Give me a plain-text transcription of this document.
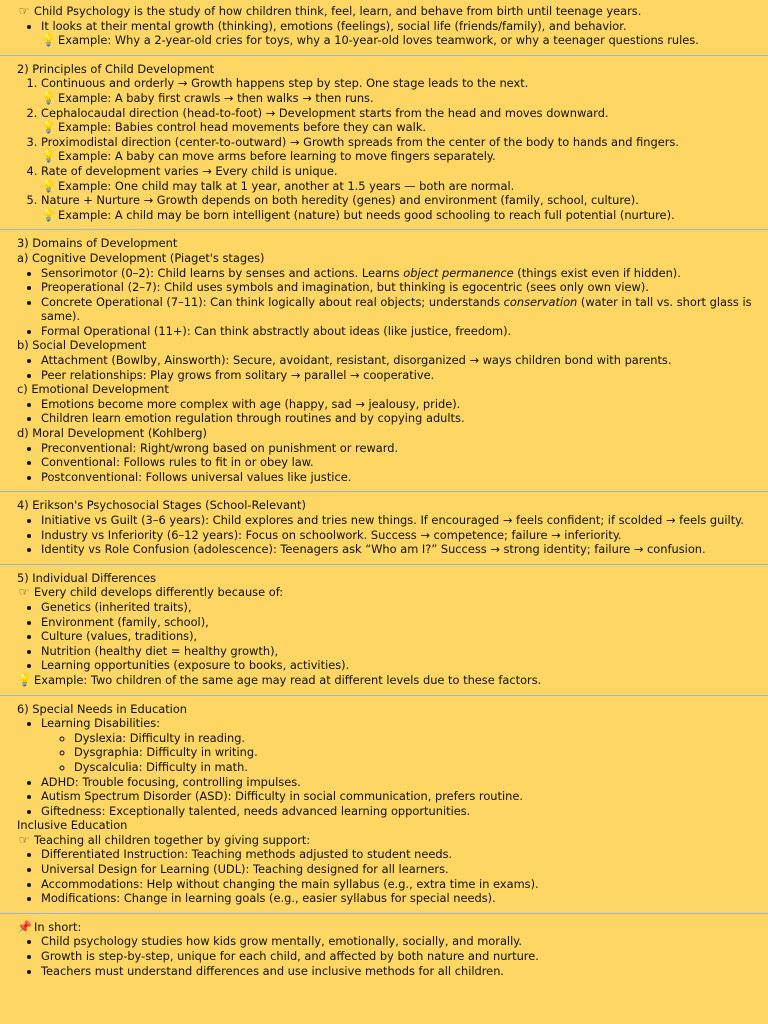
☞ Child Psychology is the study of how children think, feel, learn, and behave from birth until teenage years.
• It looks at their mental growth (thinking), emotions (feelings), social life (friends/family), and behavior.
💡 Example: Why a 2-year-old cries for toys, why a 10-year-old loves teamwork, or why a teenager questions rules.
2) Principles of Child Development
1. Continuous and orderly → Growth happens step by step. One stage leads to the next.
💡 Example: A baby first crawls → then walks → then runs.
2. Cephalocaudal direction (head-to-foot) → Development starts from the head and moves downward.
💡 Example: Babies control head movements before they can walk.
3. Proximodistal direction (center-to-outward) → Growth spreads from the center of the body to hands and fingers.
💡 Example: A baby can move arms before learning to move fingers separately.
4. Rate of development varies → Every child is unique.
💡 Example: One child may talk at 1 year, another at 1.5 years — both are normal.
5. Nature + Nurture → Growth depends on both heredity (genes) and environment (family, school, culture).
💡 Example: A child may be born intelligent (nature) but needs good schooling to reach full potential (nurture).
3) Domains of Development
a) Cognitive Development (Piaget's stages)
• Sensorimotor (0–2): Child learns by senses and actions. Learns object permanence (things exist even if hidden).
• Preoperational (2–7): Child uses symbols and imagination, but thinking is egocentric (sees only own view).
• Concrete Operational (7–11): Can think logically about real objects; understands conservation (water in tall vs. short glass is same).
• Formal Operational (11+): Can think abstractly about ideas (like justice, freedom).
b) Social Development
• Attachment (Bowlby, Ainsworth): Secure, avoidant, resistant, disorganized → ways children bond with parents.
• Peer relationships: Play grows from solitary → parallel → cooperative.
c) Emotional Development
• Emotions become more complex with age (happy, sad → jealousy, pride).
• Children learn emotion regulation through routines and by copying adults.
d) Moral Development (Kohlberg)
• Preconventional: Right/wrong based on punishment or reward.
• Conventional: Follows rules to fit in or obey law.
• Postconventional: Follows universal values like justice.
4) Erikson's Psychosocial Stages (School-Relevant)
• Initiative vs Guilt (3–6 years): Child explores and tries new things. If encouraged → feels confident; if scolded → feels guilty.
• Industry vs Inferiority (6–12 years): Focus on schoolwork. Success → competence; failure → inferiority.
• Identity vs Role Confusion (adolescence): Teenagers ask “Who am I?” Success → strong identity; failure → confusion.
5) Individual Differences
☞ Every child develops differently because of:
• Genetics (inherited traits),
• Environment (family, school),
• Culture (values, traditions),
• Nutrition (healthy diet = healthy growth),
• Learning opportunities (exposure to books, activities).
💡 Example: Two children of the same age may read at different levels due to these factors.
6) Special Needs in Education
• Learning Disabilities:
◦ Dyslexia: Difficulty in reading.
◦ Dysgraphia: Difficulty in writing.
◦ Dyscalculia: Difficulty in math.
• ADHD: Trouble focusing, controlling impulses.
• Autism Spectrum Disorder (ASD): Difficulty in social communication, prefers routine.
• Giftedness: Exceptionally talented, needs advanced learning opportunities.
Inclusive Education
☞ Teaching all children together by giving support:
• Differentiated Instruction: Teaching methods adjusted to student needs.
• Universal Design for Learning (UDL): Teaching designed for all learners.
• Accommodations: Help without changing the main syllabus (e.g., extra time in exams).
• Modifications: Change in learning goals (e.g., easier syllabus for special needs).
📌 In short:
• Child psychology studies how kids grow mentally, emotionally, socially, and morally.
• Growth is step-by-step, unique for each child, and affected by both nature and nurture.
• Teachers must understand differences and use inclusive methods for all children.
